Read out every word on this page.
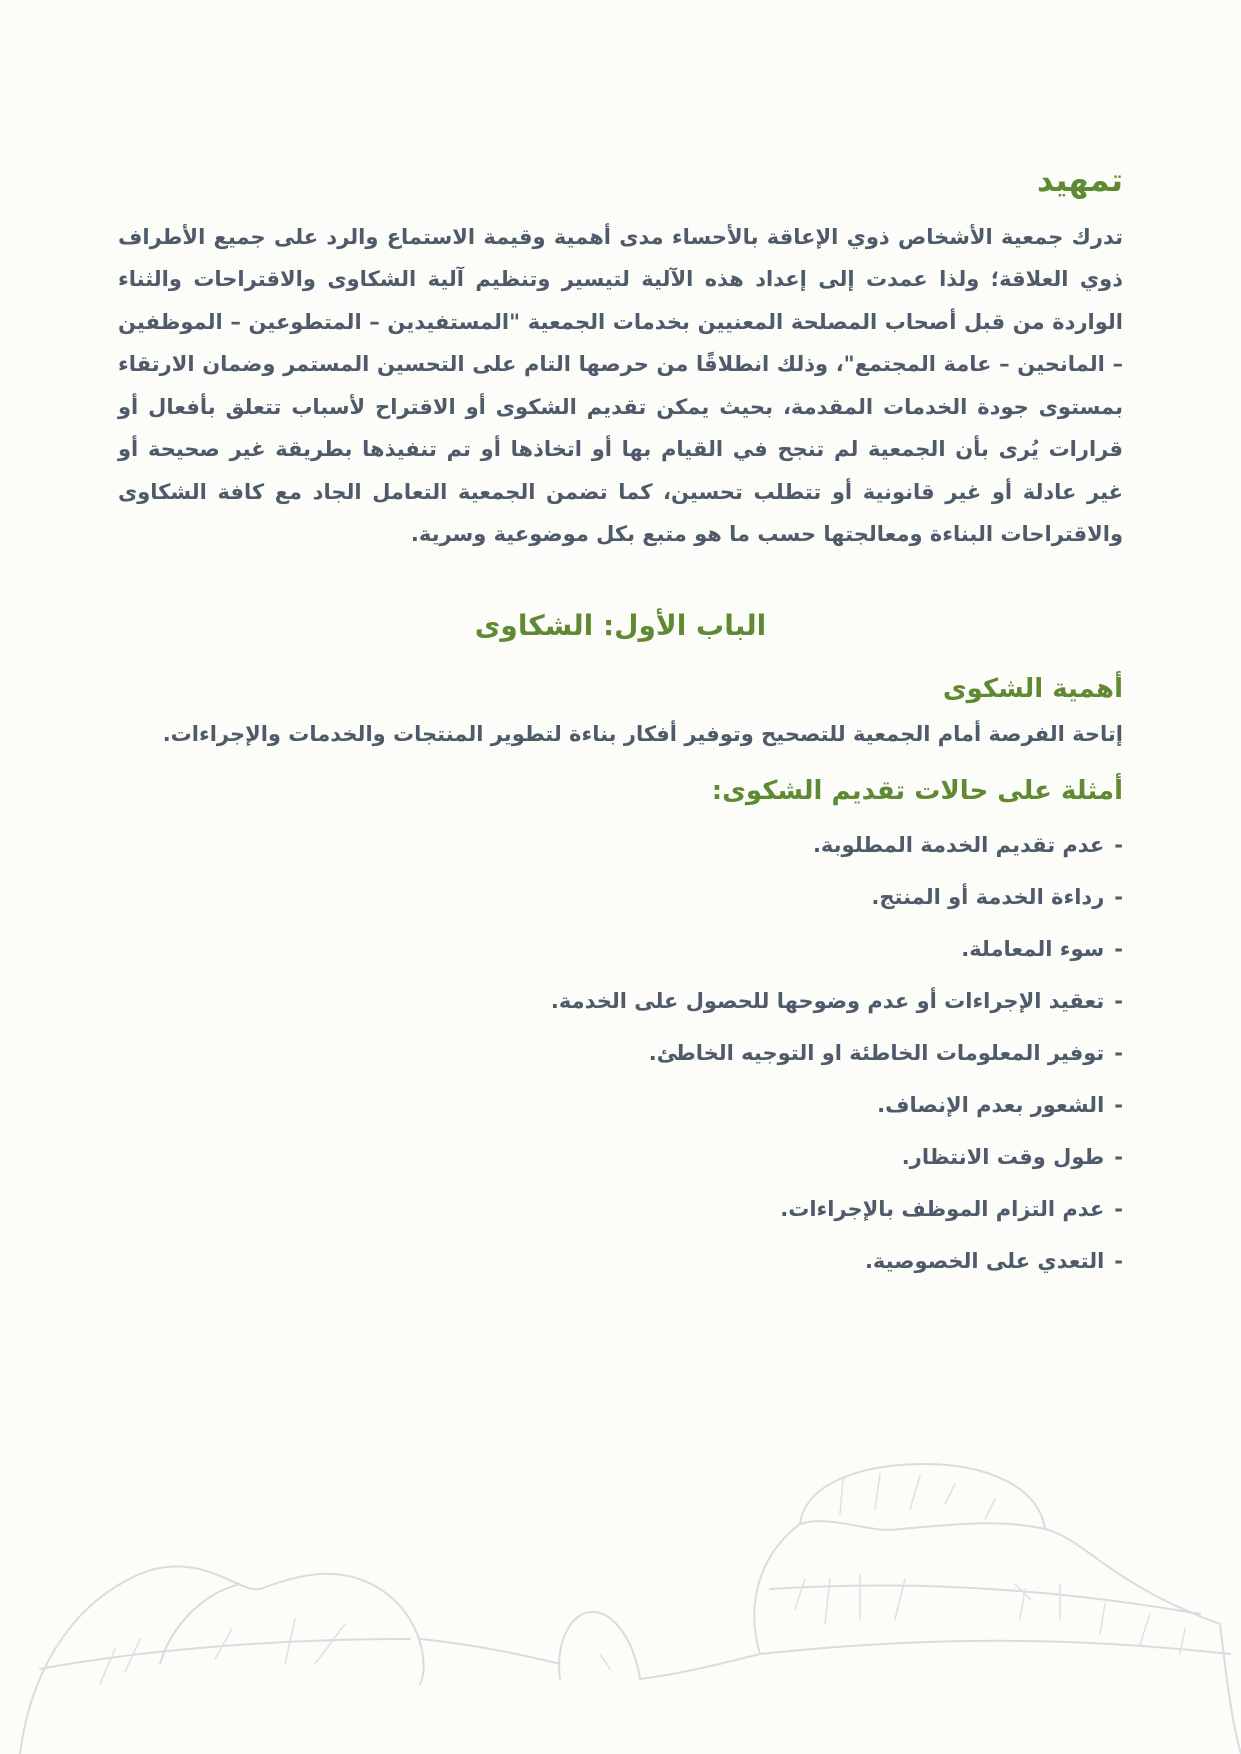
تمهيد

تدرك جمعية الأشخاص ذوي الإعاقة بالأحساء مدى أهمية وقيمة الاستماع والرد على جميع الأطراف ذوي العلاقة؛ ولذا عمدت إلى إعداد هذه الآلية لتيسير وتنظيم آلية الشكاوى والاقتراحات والثناء الواردة من قبل أصحاب المصلحة المعنيين بخدمات الجمعية "المستفيدين – المتطوعين – الموظفين – المانحين – عامة المجتمع"، وذلك انطلاقًا من حرصها التام على التحسين المستمر وضمان الارتقاء بمستوى جودة الخدمات المقدمة، بحيث يمكن تقديم الشكوى أو الاقتراح لأسباب تتعلق بأفعال أو قرارات يُرى بأن الجمعية لم تنجح في القيام بها أو اتخاذها أو تم تنفيذها بطريقة غير صحيحة أو غير عادلة أو غير قانونية أو تتطلب تحسين، كما تضمن الجمعية التعامل الجاد مع كافة الشكاوى والاقتراحات البناءة ومعالجتها حسب ما هو متبع بكل موضوعية وسرية.

الباب الأول: الشكاوى
أهمية الشكوى

إتاحة الفرصة أمام الجمعية للتصحيح وتوفير أفكار بناءة لتطوير المنتجات والخدمات والإجراءات.

أمثلة على حالات تقديم الشكوى:
-
عدم تقديم الخدمة المطلوبة.
-
رداءة الخدمة أو المنتج.
-
سوء المعاملة.
-
تعقيد الإجراءات أو عدم وضوحها للحصول على الخدمة.
-
توفير المعلومات الخاطئة او التوجيه الخاطئ.
-
الشعور بعدم الإنصاف.
-
طول وقت الانتظار.
-
عدم التزام الموظف بالإجراءات.
-
التعدي على الخصوصية.
